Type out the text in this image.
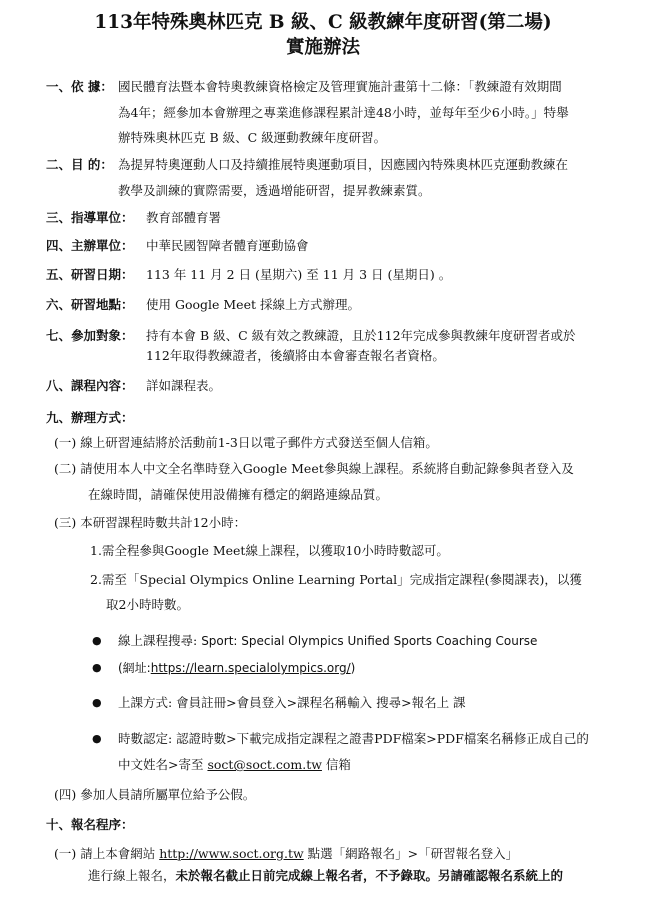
113年特殊奧林匹克 B 級、C 級教練年度研習(第二場)
實施辦法
一、依 據： 國民體育法暨本會特奧教練資格檢定及管理實施計畫第十二條：「教練證有效期間
為4年；經參加本會辦理之專業進修課程累計達48小時，並每年至少6小時。」特舉
辦特殊奧林匹克 B 級、C 級運動教練年度研習。
二、目 的： 為提昇特奧運動人口及持續推展特奧運動項目，因應國內特殊奧林匹克運動教練在
教學及訓練的實際需要，透過增能研習，提昇教練素質。
三、指導單位： 教育部體育署
四、主辦單位： 中華民國智障者體育運動協會
五、研習日期： 113 年 11 月 2 日 (星期六) 至 11 月 3 日 (星期日) 。
六、研習地點： 使用 Google Meet 採線上方式辦理。
七、參加對象： 持有本會 B 級、C 級有效之教練證，且於112年完成參與教練年度研習者或於
112年取得教練證者，後續將由本會審查報名者資格。
八、課程內容： 詳如課程表。
九、辦理方式：
(一) 線上研習連結將於活動前1-3日以電子郵件方式發送至個人信箱。
(二) 請使用本人中文全名準時登入Google Meet參與線上課程。系統將自動記錄參與者登入及
在線時間，請確保使用設備擁有穩定的網路連線品質。
(三) 本研習課程時數共計12小時：
1.需全程參與Google Meet線上課程，以獲取10小時時數認可。
2.需至「Special Olympics Online Learning Portal」完成指定課程(參閱課表)，以獲
取2小時時數。
● 線上課程搜尋: Sport: Special Olympics Unified Sports Coaching Course
● (網址:https://learn.specialolympics.org/)
● 上課方式: 會員註冊>會員登入>課程名稱輸入 搜尋>報名上 課
● 時數認定: 認證時數>下載完成指定課程之證書PDF檔案>PDF檔案名稱修正成自己的
中文姓名>寄至 soct@soct.com.tw 信箱
(四) 參加人員請所屬單位給予公假。
十、報名程序：
(一) 請上本會網站 http://www.soct.org.tw 點選「網路報名」>「研習報名登入」
進行線上報名，未於報名截止日前完成線上報名者，不予錄取。另請確認報名系統上的
